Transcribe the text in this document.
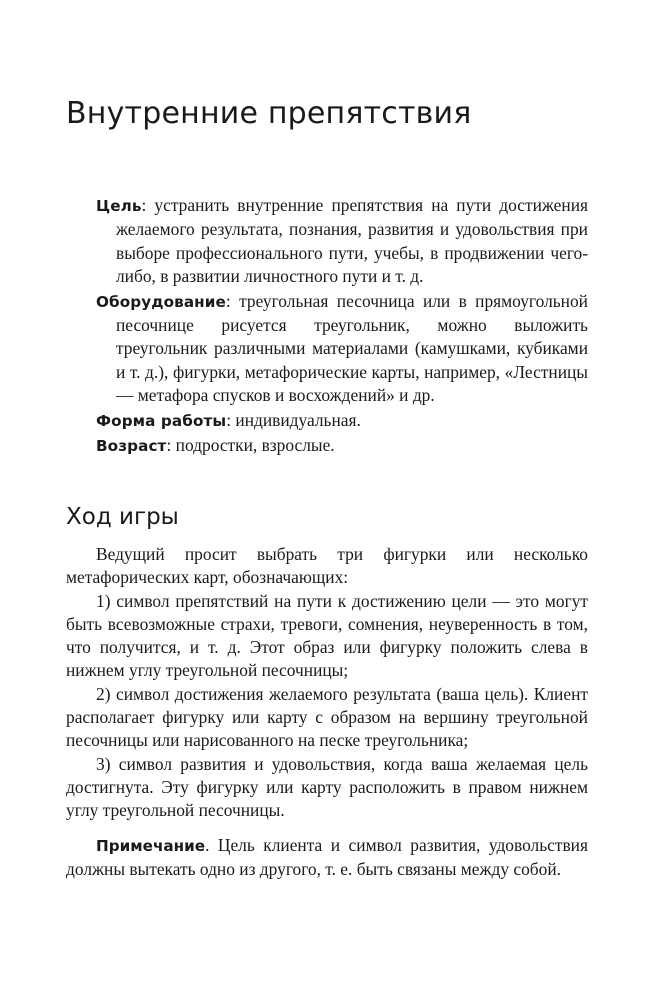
Внутренние препятствия

Цель: устранить внутренние препятствия на пути достижения желаемого результата, познания, развития и удовольствия при выборе профессионального пути, учебы, в продвижении чего-либо, в развитии личностного пути и т. д.

Оборудование: треугольная песочница или в прямоугольной песочнице рисуется треугольник, можно выложить треугольник различными материалами (камушками, кубиками и т. д.), фигурки, метафорические карты, например, «Лестницы — метафора спусков и восхождений» и др.

Форма работы: индивидуальная.

Возраст: подростки, взрослые.

Ход игры

Ведущий просит выбрать три фигурки или несколько метафорических карт, обозначающих:

1) символ препятствий на пути к достижению цели — это могут быть всевозможные страхи, тревоги, сомнения, неуверенность в том, что получится, и т. д. Этот образ или фигурку положить слева в нижнем углу треугольной песочницы;

2) символ достижения желаемого результата (ваша цель). Клиент располагает фигурку или карту с образом на вершину треугольной песочницы или нарисованного на песке треугольника;

3) символ развития и удовольствия, когда ваша желаемая цель достигнута. Эту фигурку или карту расположить в правом нижнем углу треугольной песочницы.

Примечание. Цель клиента и символ развития, удовольствия должны вытекать одно из другого, т. е. быть связаны между собой.
